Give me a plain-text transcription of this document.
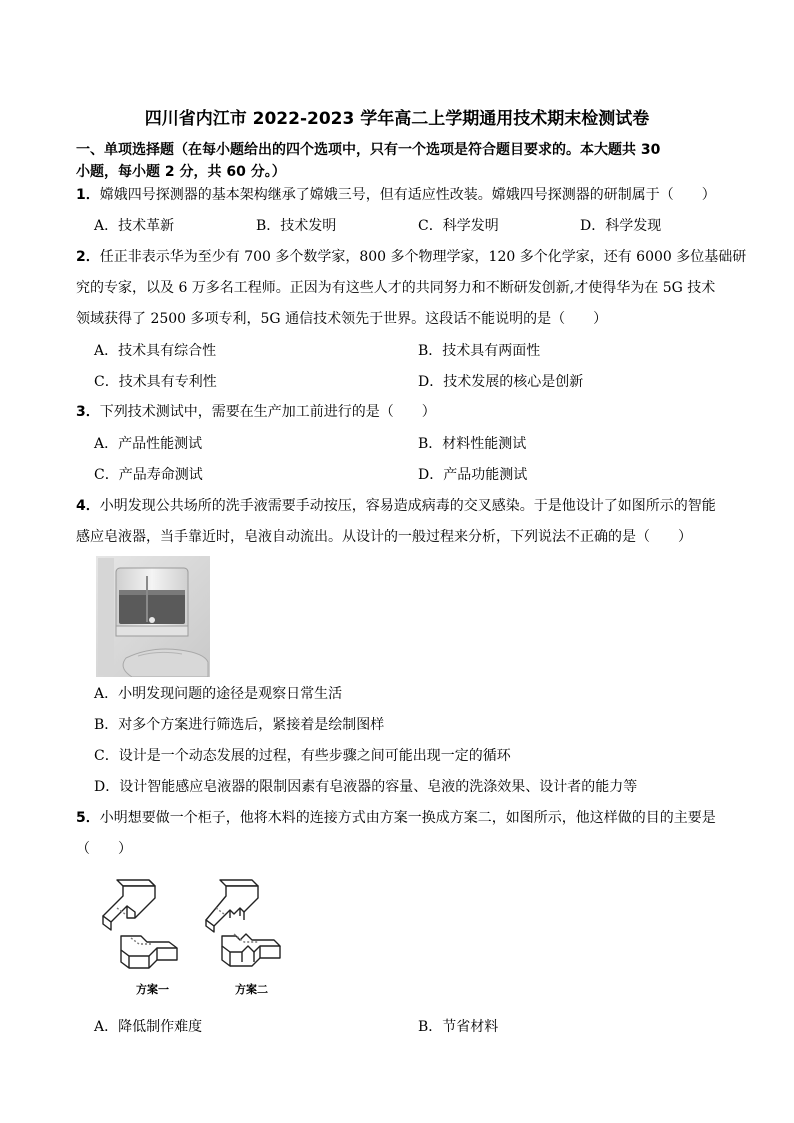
四川省内江市 2022-2023 学年高二上学期通用技术期末检测试卷
一、单项选择题（在每小题给出的四个选项中，只有一个选项是符合题目要求的。本大题共 30
小题，每小题 2 分，共 60 分。）
1．嫦娥四号探测器的基本架构继承了嫦娥三号，但有适应性改装。嫦娥四号探测器的研制属于（　　）
A．技术革新	B．技术发明	C．科学发明	D．科学发现
2．任正非表示华为至少有 700 多个数学家，800 多个物理学家，120 多个化学家，还有 6000 多位基础研
究的专家，以及 6 万多名工程师。正因为有这些人才的共同努力和不断研发创新,才使得华为在 5G 技术
领域获得了 2500 多项专利，5G 通信技术领先于世界。这段话不能说明的是（　　）
A．技术具有综合性	B．技术具有两面性
C．技术具有专利性	D．技术发展的核心是创新
3．下列技术测试中，需要在生产加工前进行的是（　　）
A．产品性能测试	B．材料性能测试
C．产品寿命测试	D．产品功能测试
4．小明发现公共场所的洗手液需要手动按压，容易造成病毒的交叉感染。于是他设计了如图所示的智能
感应皂液器，当手靠近时，皂液自动流出。从设计的一般过程来分析，下列说法不正确的是（　　）
A．小明发现问题的途径是观察日常生活
B．对多个方案进行筛选后，紧接着是绘制图样
C．设计是一个动态发展的过程，有些步骤之间可能出现一定的循环
D．设计智能感应皂液器的限制因素有皂液器的容量、皂液的洗涤效果、设计者的能力等
5．小明想要做一个柜子，他将木料的连接方式由方案一换成方案二，如图所示，他这样做的目的主要是
（　　）
方案一	方案二
A．降低制作难度	B．节省材料
